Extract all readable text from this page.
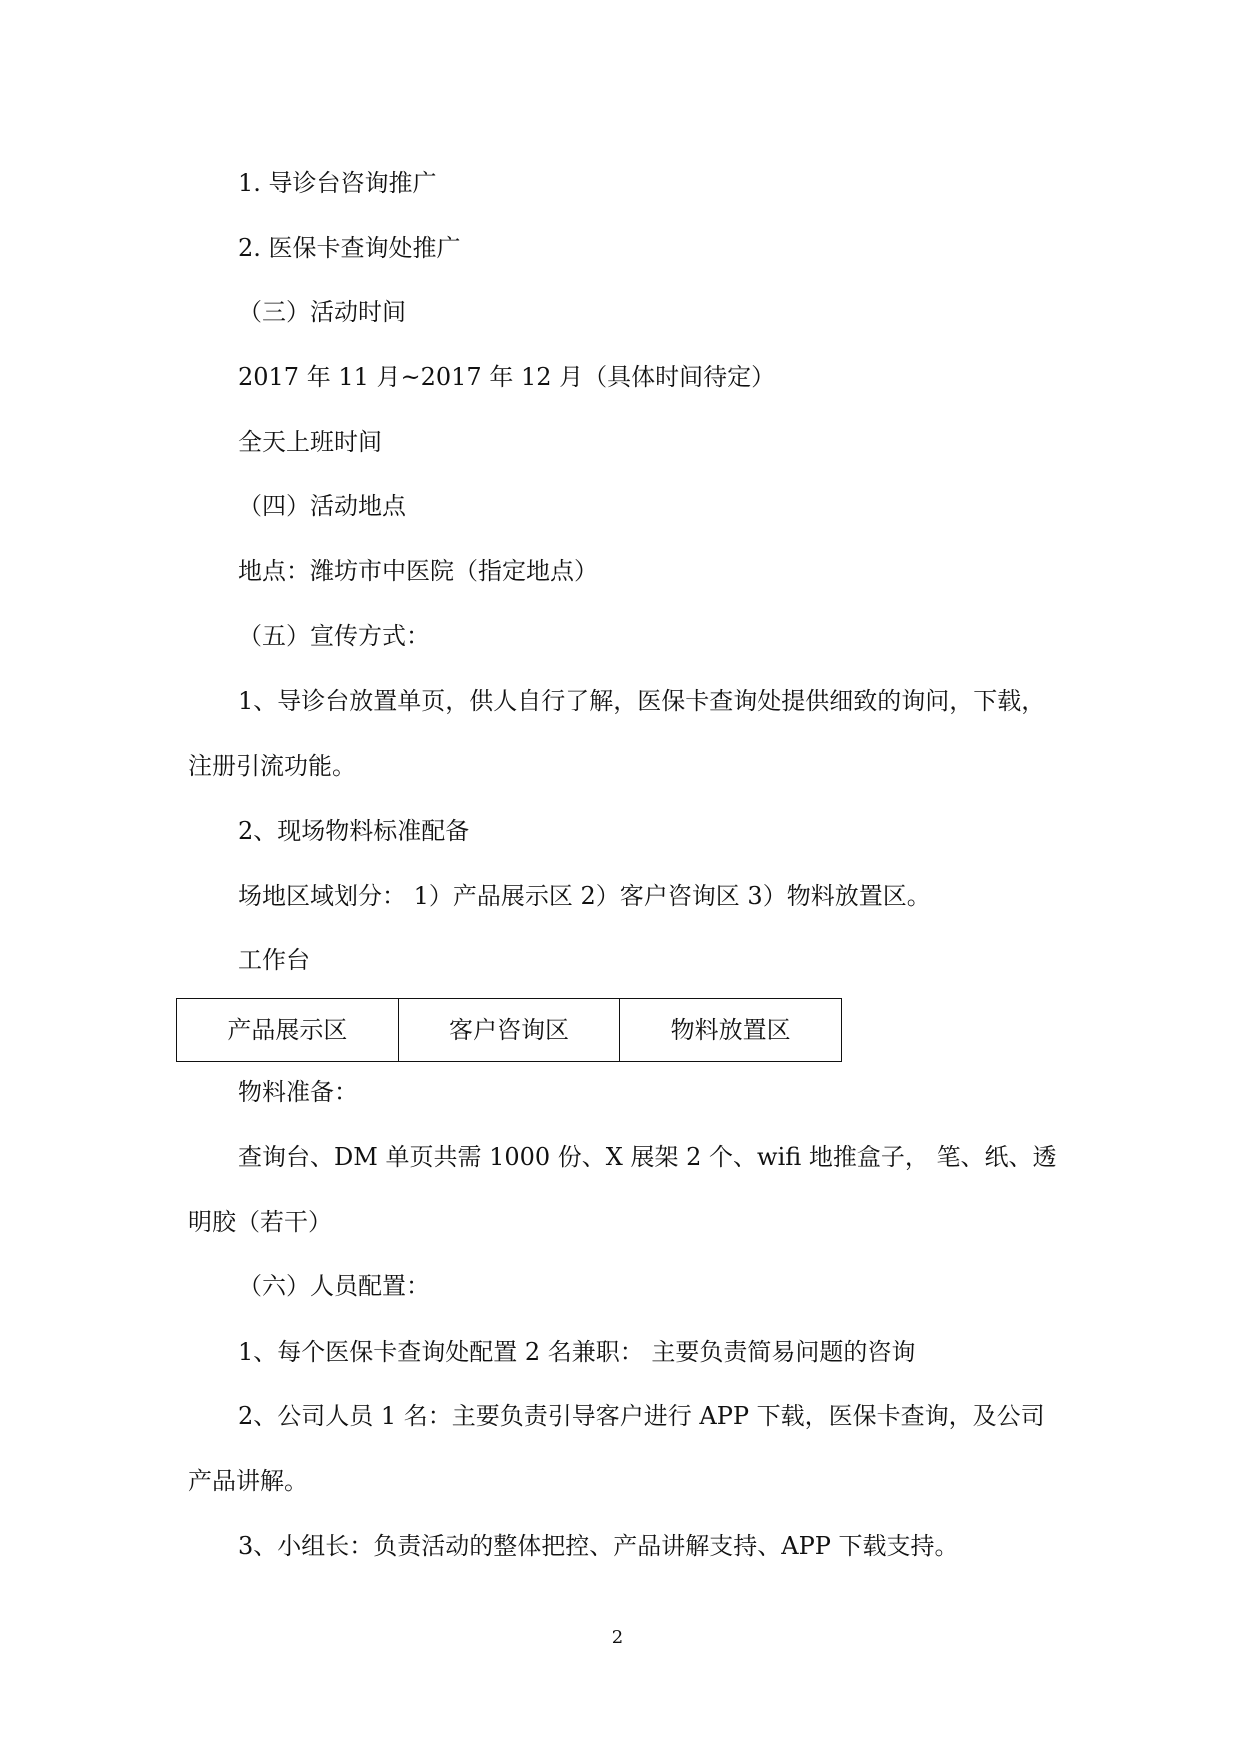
1. 导诊台咨询推广
2. 医保卡查询处推广
（三）活动时间
2017 年 11 月~2017 年 12 月（具体时间待定）
全天上班时间
（四）活动地点
地点：潍坊市中医院（指定地点）
（五）宣传方式：
1、导诊台放置单页，供人自行了解，医保卡查询处提供细致的询问，下载，
注册引流功能。
2、现场物料标准配备
场地区域划分： 1）产品展示区 2）客户咨询区 3）物料放置区。
工作台
产品展示区	客户咨询区	物料放置区
物料准备：
查询台、DM 单页共需 1000 份、X 展架 2 个、wifi 地推盒子， 笔、纸、透
明胶（若干）
（六）人员配置：
1、每个医保卡查询处配置 2 名兼职： 主要负责简易问题的咨询
2、公司人员 1 名：主要负责引导客户进行 APP 下载，医保卡查询，及公司
产品讲解。
3、小组长：负责活动的整体把控、产品讲解支持、APP 下载支持。
2
